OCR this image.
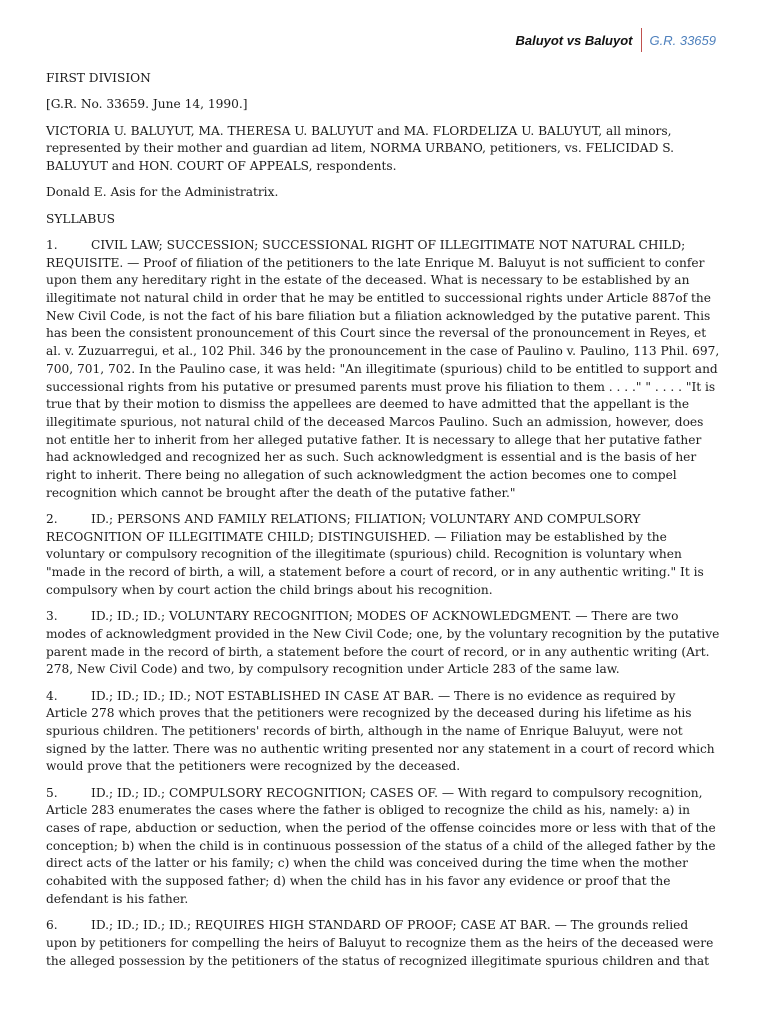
Baluyot vs Baluyot	G.R. 33659

FIRST DIVISION

[G.R. No. 33659. June 14, 1990.]

VICTORIA U. BALUYUT, MA. THERESA U. BALUYUT and MA. FLORDELIZA U. BALUYUT, all minors, represented by their mother and guardian ad litem, NORMA URBANO, petitioners, vs. FELICIDAD S. BALUYUT and HON. COURT OF APPEALS, respondents.

Donald E. Asis for the Administratrix.

SYLLABUS

1.	CIVIL LAW; SUCCESSION; SUCCESSIONAL RIGHT OF ILLEGITIMATE NOT NATURAL CHILD; REQUISITE. — Proof of filiation of the petitioners to the late Enrique M. Baluyut is not sufficient to confer upon them any hereditary right in the estate of the deceased. What is necessary to be established by an illegitimate not natural child in order that he may be entitled to successional rights under Article 887of the New Civil Code, is not the fact of his bare filiation but a filiation acknowledged by the putative parent. This has been the consistent pronouncement of this Court since the reversal of the pronouncement in Reyes, et al. v. Zuzuarregui, et al., 102 Phil. 346 by the pronouncement in the case of Paulino v. Paulino, 113 Phil. 697, 700, 701, 702. In the Paulino case, it was held: "An illegitimate (spurious) child to be entitled to support and successional rights from his putative or presumed parents must prove his filiation to them . . . ." " . . . . "It is true that by their motion to dismiss the appellees are deemed to have admitted that the appellant is the illegitimate spurious, not natural child of the deceased Marcos Paulino. Such an admission, however, does not entitle her to inherit from her alleged putative father. It is necessary to allege that her putative father had acknowledged and recognized her as such. Such acknowledgment is essential and is the basis of her right to inherit. There being no allegation of such acknowledgment the action becomes one to compel recognition which cannot be brought after the death of the putative father."

2.	ID.; PERSONS AND FAMILY RELATIONS; FILIATION; VOLUNTARY AND COMPULSORY RECOGNITION OF ILLEGITIMATE CHILD; DISTINGUISHED. — Filiation may be established by the voluntary or compulsory recognition of the illegitimate (spurious) child. Recognition is voluntary when "made in the record of birth, a will, a statement before a court of record, or in any authentic writing." It is compulsory when by court action the child brings about his recognition.

3.	ID.; ID.; ID.; VOLUNTARY RECOGNITION; MODES OF ACKNOWLEDGMENT. — There are two modes of acknowledgment provided in the New Civil Code; one, by the voluntary recognition by the putative parent made in the record of birth, a statement before the court of record, or in any authentic writing (Art. 278, New Civil Code) and two, by compulsory recognition under Article 283 of the same law.

4.	ID.; ID.; ID.; ID.; NOT ESTABLISHED IN CASE AT BAR. — There is no evidence as required by Article 278 which proves that the petitioners were recognized by the deceased during his lifetime as his spurious children. The petitioners' records of birth, although in the name of Enrique Baluyut, were not signed by the latter. There was no authentic writing presented nor any statement in a court of record which would prove that the petitioners were recognized by the deceased.

5.	ID.; ID.; ID.; COMPULSORY RECOGNITION; CASES OF. — With regard to compulsory recognition, Article 283 enumerates the cases where the father is obliged to recognize the child as his, namely: a) in cases of rape, abduction or seduction, when the period of the offense coincides more or less with that of the conception; b) when the child is in continuous possession of the status of a child of the alleged father by the direct acts of the latter or his family; c) when the child was conceived during the time when the mother cohabited with the supposed father; d) when the child has in his favor any evidence or proof that the defendant is his father.

6.	ID.; ID.; ID.; ID.; REQUIRES HIGH STANDARD OF PROOF; CASE AT BAR. — The grounds relied upon by petitioners for compelling the heirs of Baluyut to recognize them as the heirs of the deceased were the alleged possession by the petitioners of the status of recognized illegitimate spurious children and that
